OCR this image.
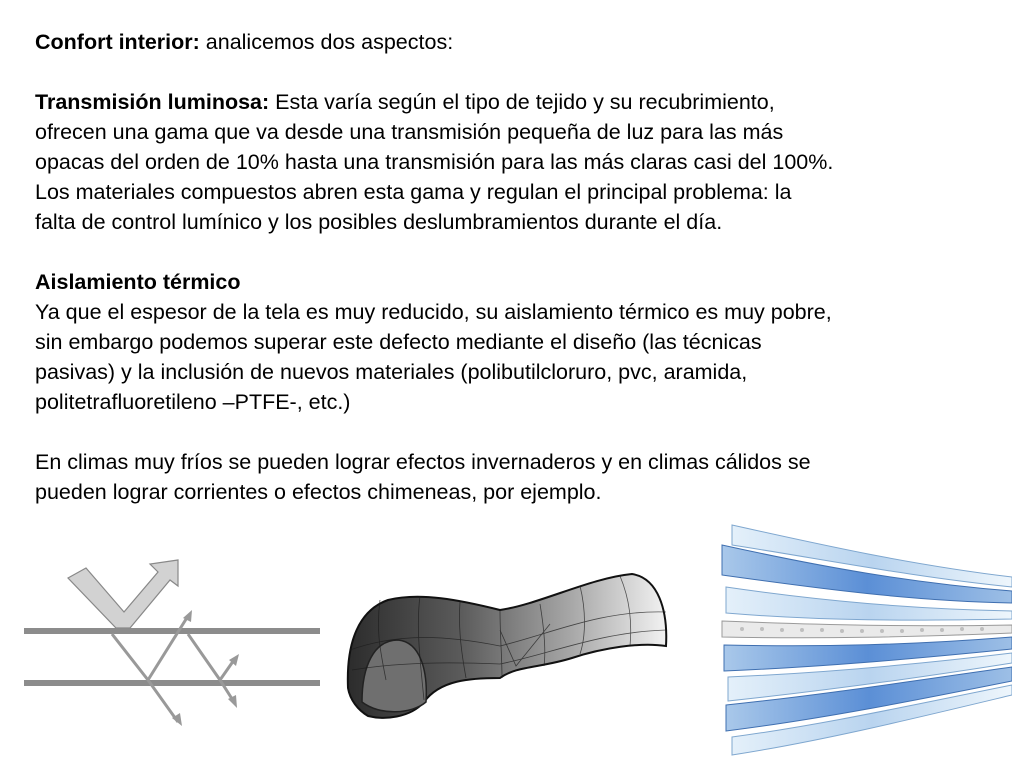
Confort interior: analicemos dos aspectos:

Transmisión luminosa: Esta varía según el tipo de tejido y su recubrimiento,
ofrecen una gama que va desde una transmisión pequeña de luz para las más
opacas del orden de 10% hasta una transmisión para las más claras casi del 100%.
Los materiales compuestos abren esta gama y regulan el principal problema: la
falta de control lumínico y los posibles deslumbramientos durante el día.

Aislamiento térmico
Ya que el espesor de la tela es muy reducido, su aislamiento térmico es muy pobre,
sin embargo podemos superar este defecto mediante el diseño (las técnicas
pasivas) y la inclusión de nuevos materiales (polibutilcloruro, pvc, aramida,
politetrafluoretileno –PTFE-, etc.)

En climas muy fríos se pueden lograr efectos invernaderos y en climas cálidos se
pueden lograr corrientes o efectos chimeneas, por ejemplo.
